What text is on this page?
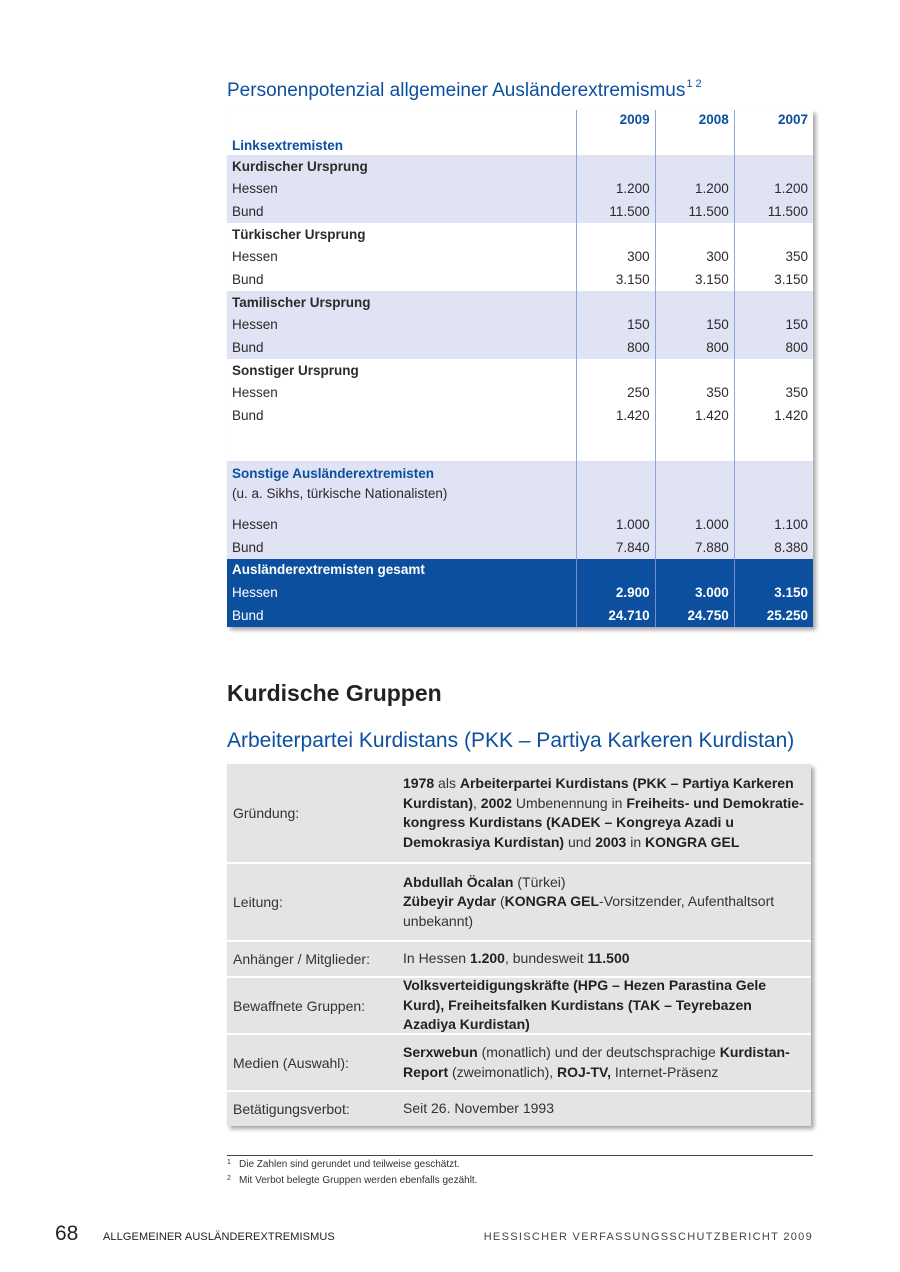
Personenpotenzial allgemeiner Ausländerextremismus$^{1 2}$
Linksextremisten	2009	2008	2007
Kurdischer Ursprung			
Hessen	1.200	1.200	1.200
Bund	11.500	11.500	11.500
Türkischer Ursprung			
Hessen	300	300	350
Bund	3.150	3.150	3.150
Tamilischer Ursprung			
Hessen	150	150	150
Bund	800	800	800
Sonstiger Ursprung			
Hessen	250	350	350
Bund	1.420	1.420	1.420

Sonstige Ausländerextremisten
(u. a. Sikhs, türkische Nationalisten)			

Hessen	1.000	1.000	1.100
Bund	7.840	7.880	8.380
Ausländerextremisten gesamt			
Hessen	2.900	3.000	3.150
Bund	24.710	24.750	25.250
Kurdische Gruppen
Arbeiterpartei Kurdistans (PKK – Partiya Karkeren Kurdistan)
Gründung:
1978 als Arbeiterpartei Kurdistans (PKK – Partiya Karkeren Kurdistan), 2002 Umbenennung in Freiheits- und Demokratiekongress Kurdistans (KADEK – Kongreya Azadi u Demokrasiya Kurdistan) und 2003 in KONGRA GEL
Leitung:
Abdullah Öcalan (Türkei)
Zübeyir Aydar (KONGRA GEL-Vorsitzender, Aufenthaltsort unbekannt)
Anhänger / Mitglieder:	In Hessen 1.200, bundesweit 11.500
Bewaffnete Gruppen:
Volksverteidigungskräfte (HPG – Hezen Parastina Gele Kurd), Freiheitsfalken Kurdistans (TAK – Teyrebazen Azadiya Kurdistan)
Medien (Auswahl):
Serxwebun (monatlich) und der deutschsprachige Kurdistan-Report (zweimonatlich), ROJ-TV, Internet-Präsenz
Betätigungsverbot:	Seit 26. November 1993
1 Die Zahlen sind gerundet und teilweise geschätzt.
2 Mit Verbot belegte Gruppen werden ebenfalls gezählt.
68 ALLGEMEINER AUSLÄNDEREXTREMISMUS	HESSISCHER VERFASSUNGSSCHUTZBERICHT 2009
